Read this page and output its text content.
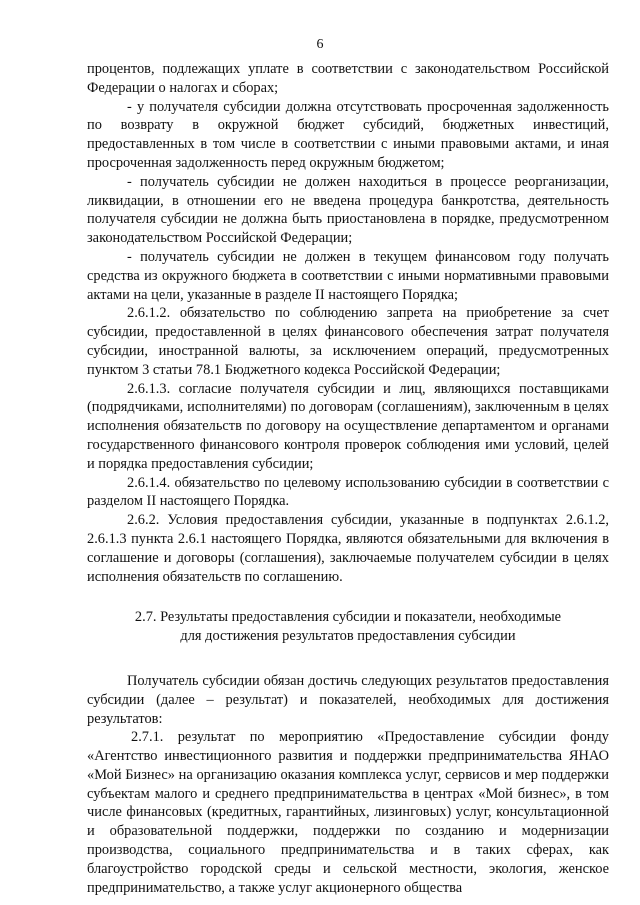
6

процентов, подлежащих уплате в соответствии с законодательством Российской Федерации о налогах и сборах;

- у получателя субсидии должна отсутствовать просроченная задолженность по возврату в окружной бюджет субсидий, бюджетных инвестиций, предоставленных в том числе в соответствии с иными правовыми актами, и иная просроченная задолженность перед окружным бюджетом;

- получатель субсидии не должен находиться в процессе реорганизации, ликвидации, в отношении его не введена процедура банкротства, деятельность получателя субсидии не должна быть приостановлена в порядке, предусмотренном законодательством Российской Федерации;

- получатель субсидии не должен в текущем финансовом году получать средства из окружного бюджета в соответствии с иными нормативными правовыми актами на цели, указанные в разделе II настоящего Порядка;

2.6.1.2. обязательство по соблюдению запрета на приобретение за счет субсидии, предоставленной в целях финансового обеспечения затрат получателя субсидии, иностранной валюты, за исключением операций, предусмотренных пунктом 3 статьи 78.1 Бюджетного кодекса Российской Федерации;

2.6.1.3. согласие получателя субсидии и лиц, являющихся поставщиками (подрядчиками, исполнителями) по договорам (соглашениям), заключенным в целях исполнения обязательств по договору на осуществление департаментом и органами государственного финансового контроля проверок соблюдения ими условий, целей и порядка предоставления субсидии;

2.6.1.4. обязательство по целевому использованию субсидии в соответствии с разделом II настоящего Порядка.

2.6.2. Условия предоставления субсидии, указанные в подпунктах 2.6.1.2, 2.6.1.3 пункта 2.6.1 настоящего Порядка, являются обязательными для включения в соглашение и договоры (соглашения), заключаемые получателем субсидии в целях исполнения обязательств по соглашению.

2.7. Результаты предоставления субсидии и показатели, необходимые
для достижения результатов предоставления субсидии

Получатель субсидии обязан достичь следующих результатов предоставления субсидии (далее – результат) и показателей, необходимых для достижения результатов:

2.7.1. результат по мероприятию «Предоставление субсидии фонду «Агентство инвестиционного развития и поддержки предпринимательства ЯНАО «Мой Бизнес» на организацию оказания комплекса услуг, сервисов и мер поддержки субъектам малого и среднего предпринимательства в центрах «Мой бизнес», в том числе финансовых (кредитных, гарантийных, лизинговых) услуг, консультационной и образовательной поддержки, поддержки по созданию и модернизации производства, социального предпринимательства и в таких сферах, как благоустройство городской среды и сельской местности, экология, женское предпринимательство, а также услуг акционерного общества
